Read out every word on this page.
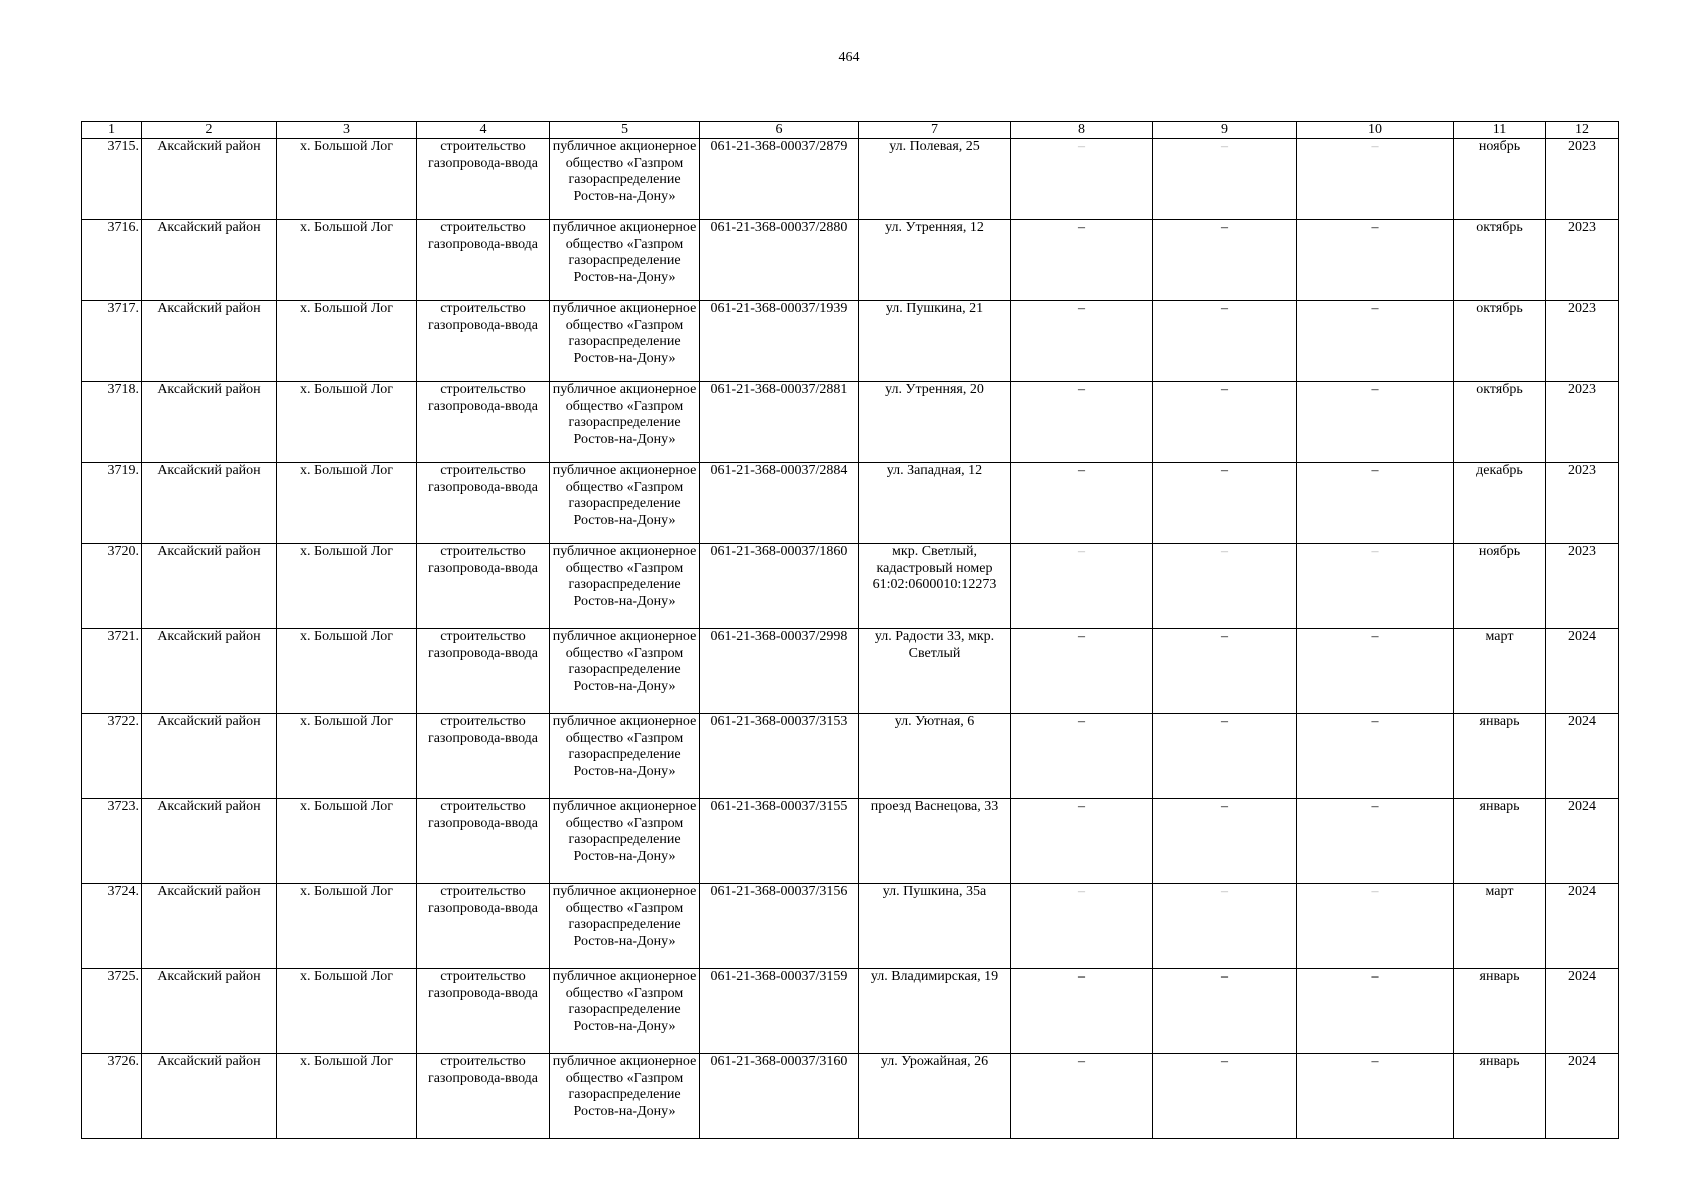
464
1	2	3	4	5	6	7	8	9	10	11	12
3715.	Аксайский район	х. Большой Лог	строительство газопровода-ввода	публичное акционерное общество «Газпром газораспределение Ростов-на-Дону»	061-21-368-00037/2879	ул. Полевая, 25	–	–	–	ноябрь	2023
3716.	Аксайский район	х. Большой Лог	строительство газопровода-ввода	публичное акционерное общество «Газпром газораспределение Ростов-на-Дону»	061-21-368-00037/2880	ул. Утренняя, 12	–	–	–	октябрь	2023
3717.	Аксайский район	х. Большой Лог	строительство газопровода-ввода	публичное акционерное общество «Газпром газораспределение Ростов-на-Дону»	061-21-368-00037/1939	ул. Пушкина, 21	–	–	–	октябрь	2023
3718.	Аксайский район	х. Большой Лог	строительство газопровода-ввода	публичное акционерное общество «Газпром газораспределение Ростов-на-Дону»	061-21-368-00037/2881	ул. Утренняя, 20	–	–	–	октябрь	2023
3719.	Аксайский район	х. Большой Лог	строительство газопровода-ввода	публичное акционерное общество «Газпром газораспределение Ростов-на-Дону»	061-21-368-00037/2884	ул. Западная, 12	–	–	–	декабрь	2023
3720.	Аксайский район	х. Большой Лог	строительство газопровода-ввода	публичное акционерное общество «Газпром газораспределение Ростов-на-Дону»	061-21-368-00037/1860	мкр. Светлый, кадастровый номер 61:02:0600010:12273	–	–	–	ноябрь	2023
3721.	Аксайский район	х. Большой Лог	строительство газопровода-ввода	публичное акционерное общество «Газпром газораспределение Ростов-на-Дону»	061-21-368-00037/2998	ул. Радости 33, мкр. Светлый	–	–	–	март	2024
3722.	Аксайский район	х. Большой Лог	строительство газопровода-ввода	публичное акционерное общество «Газпром газораспределение Ростов-на-Дону»	061-21-368-00037/3153	ул. Уютная, 6	–	–	–	январь	2024
3723.	Аксайский район	х. Большой Лог	строительство газопровода-ввода	публичное акционерное общество «Газпром газораспределение Ростов-на-Дону»	061-21-368-00037/3155	проезд Васнецова, 33	–	–	–	январь	2024
3724.	Аксайский район	х. Большой Лог	строительство газопровода-ввода	публичное акционерное общество «Газпром газораспределение Ростов-на-Дону»	061-21-368-00037/3156	ул. Пушкина, 35а	–	–	–	март	2024
3725.	Аксайский район	х. Большой Лог	строительство газопровода-ввода	публичное акционерное общество «Газпром газораспределение Ростов-на-Дону»	061-21-368-00037/3159	ул. Владимирская, 19	–	–	–	январь	2024
3726.	Аксайский район	х. Большой Лог	строительство газопровода-ввода	публичное акционерное общество «Газпром газораспределение Ростов-на-Дону»	061-21-368-00037/3160	ул. Урожайная, 26	–	–	–	январь	2024
